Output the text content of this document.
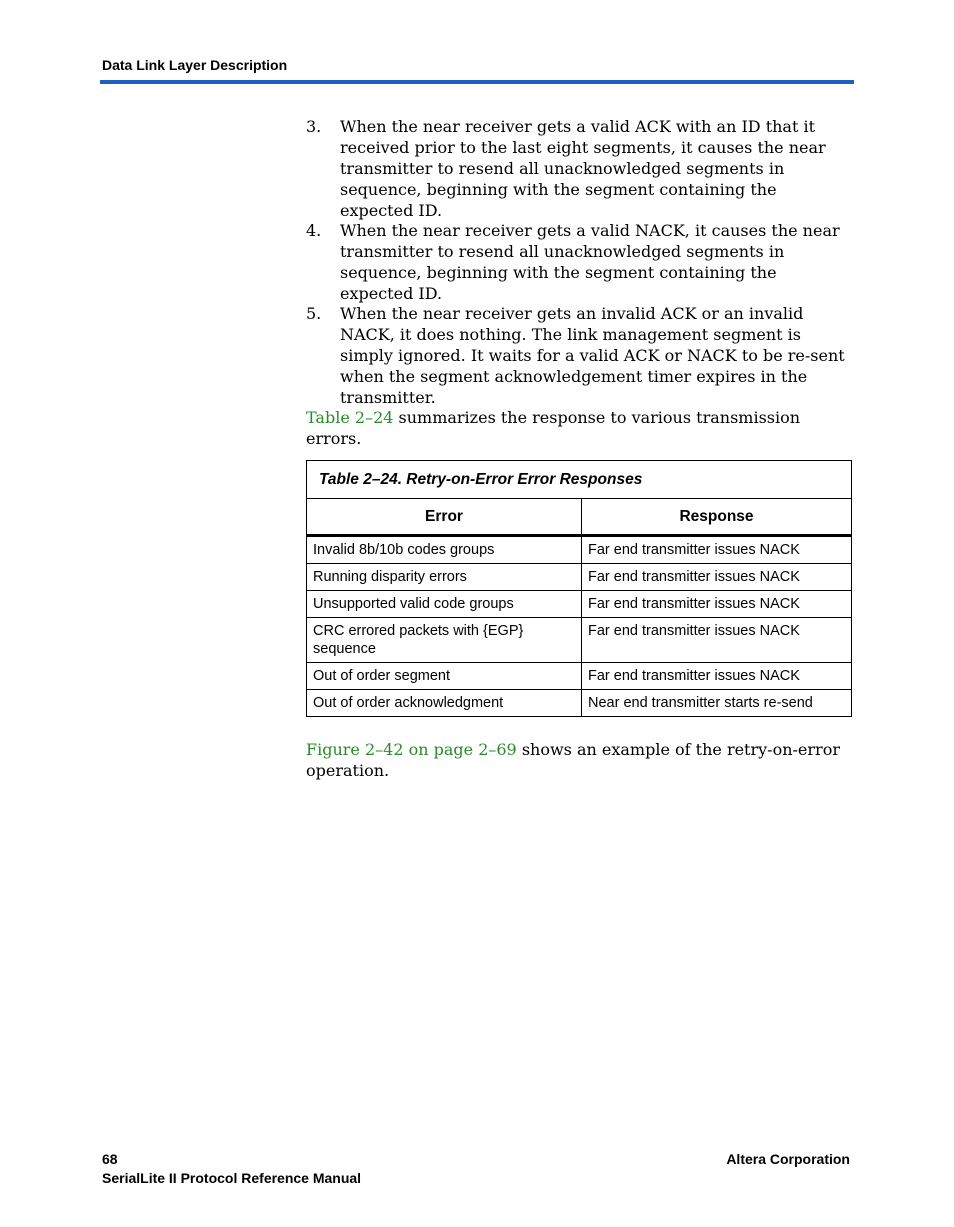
Data Link Layer Description
3. When the near receiver gets a valid ACK with an ID that it received prior to the last eight segments, it causes the near transmitter to resend all unacknowledged segments in sequence, beginning with the segment containing the expected ID.
4. When the near receiver gets a valid NACK, it causes the near transmitter to resend all unacknowledged segments in sequence, beginning with the segment containing the expected ID.
5. When the near receiver gets an invalid ACK or an invalid NACK, it does nothing. The link management segment is simply ignored. It waits for a valid ACK or NACK to be re-sent when the segment acknowledgement timer expires in the transmitter.
Table 2–24 summarizes the response to various transmission errors.
Table 2–24. Retry-on-Error Error Responses	
Error	Response
Invalid 8b/10b codes groups	Far end transmitter issues NACK
Running disparity errors	Far end transmitter issues NACK
Unsupported valid code groups	Far end transmitter issues NACK
CRC errored packets with {EGP} sequence	Far end transmitter issues NACK
Out of order segment	Far end transmitter issues NACK
Out of order acknowledgment	Near end transmitter starts re-send
Figure 2–42 on page 2–69 shows an example of the retry-on-error operation.
68
SerialLite II Protocol Reference Manual
Altera Corporation
